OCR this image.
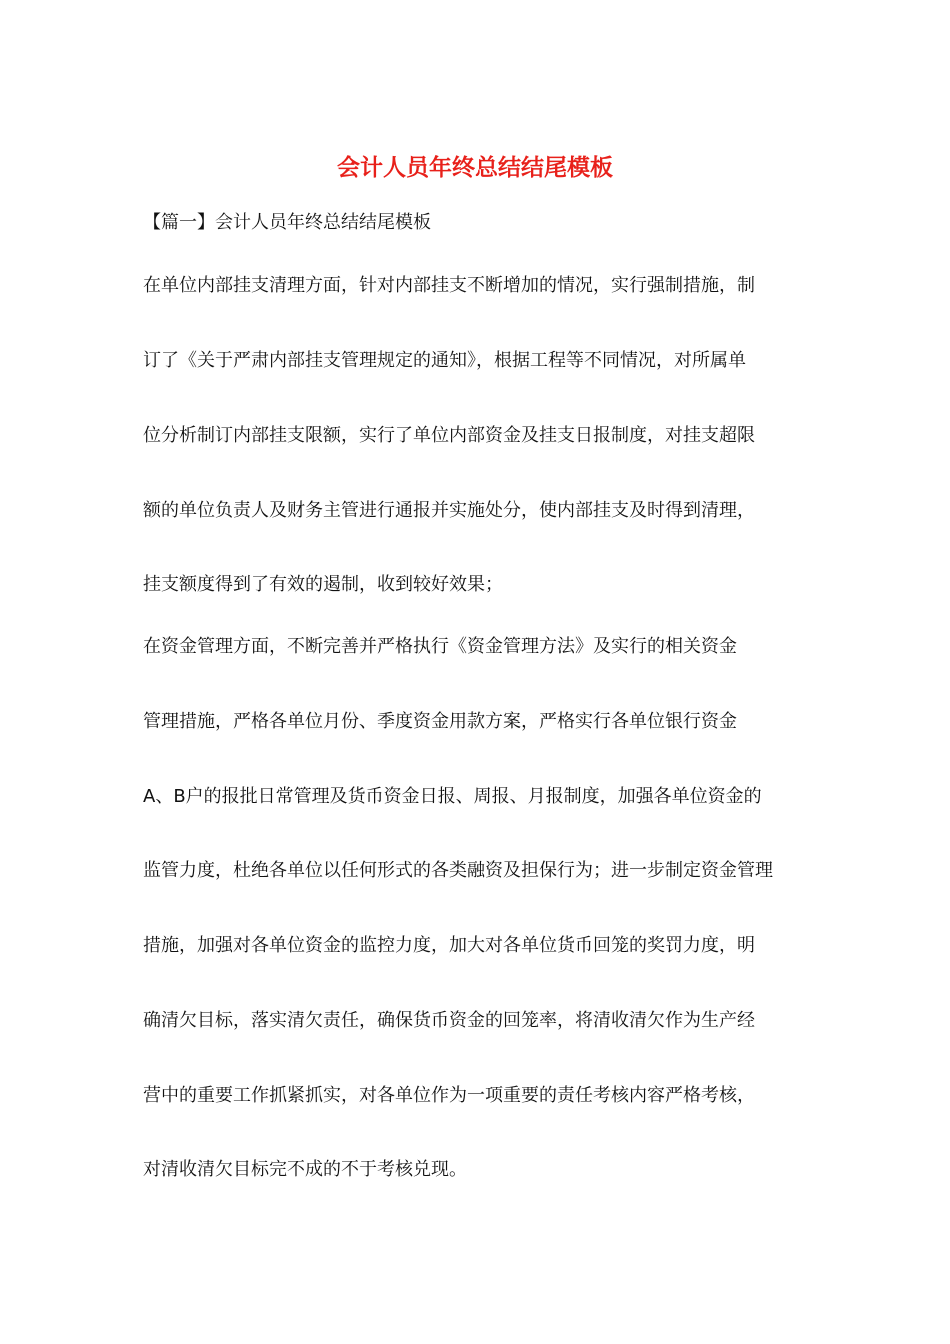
会计人员年终总结结尾模板

【篇一】会计人员年终总结结尾模板

在单位内部挂支清理方面，针对内部挂支不断增加的情况，实行强制措施，制

订了《关于严肃内部挂支管理规定的通知》，根据工程等不同情况，对所属单

位分析制订内部挂支限额，实行了单位内部资金及挂支日报制度，对挂支超限

额的单位负责人及财务主管进行通报并实施处分，使内部挂支及时得到清理，

挂支额度得到了有效的遏制，收到较好效果；

在资金管理方面，不断完善并严格执行《资金管理方法》及实行的相关资金

管理措施，严格各单位月份、季度资金用款方案，严格实行各单位银行资金

A、B户的报批日常管理及货币资金日报、周报、月报制度，加强各单位资金的

监管力度，杜绝各单位以任何形式的各类融资及担保行为；进一步制定资金管理

措施，加强对各单位资金的监控力度，加大对各单位货币回笼的奖罚力度，明

确清欠目标，落实清欠责任，确保货币资金的回笼率，将清收清欠作为生产经

营中的重要工作抓紧抓实，对各单位作为一项重要的责任考核内容严格考核，

对清收清欠目标完不成的不于考核兑现。
